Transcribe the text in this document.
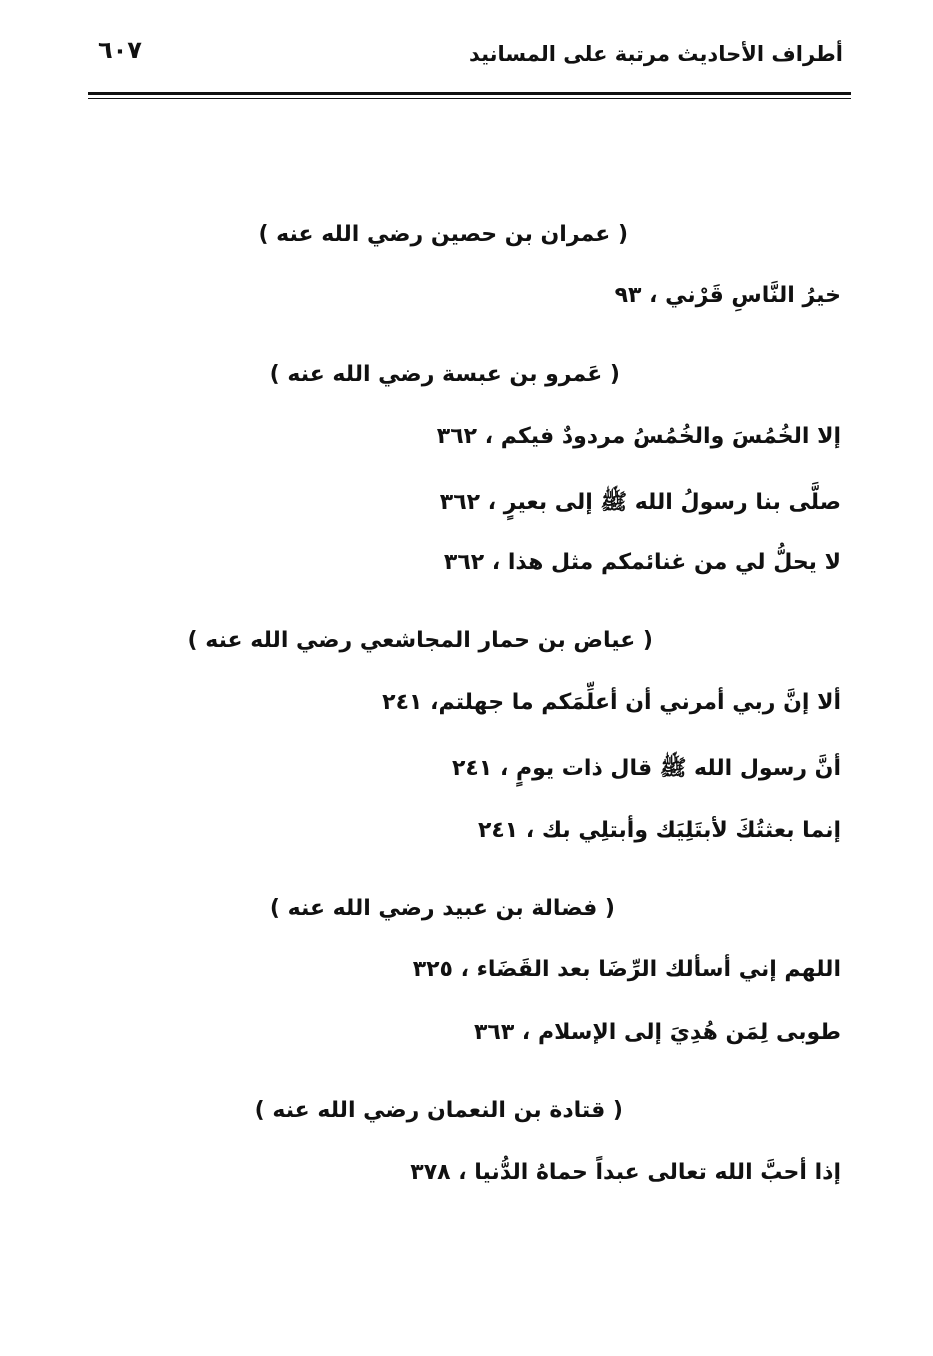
٦٠٧	أطراف الأحاديث مرتبة على المسانيد
( عمران بن حصين رضي الله عنه )
خيرُ النَّاسِ قَرْني ، ٩٣
( عَمرو بن عبسة رضي الله عنه )
إلا الخُمُسَ والخُمُسُ مردودٌ فيكم ، ٣٦٢
صلَّى بنا رسولُ الله ﷺ إلى بعيرٍ ، ٣٦٢
لا يحلُّ لي من غنائمكم مثل هذا ، ٣٦٢
( عياض بن حمار المجاشعي رضي الله عنه )
ألا إنَّ ربي أمرني أن أعلِّمَكم ما جهلتم، ٢٤١
أنَّ رسول الله ﷺ قال ذات يومٍ ، ٢٤١
إنما بعثتُكَ لأبتَلِيَك وأبتلِي بك ، ٢٤١
( فضالة بن عبيد رضي الله عنه )
اللهم إني أسألك الرِّضَا بعد القَضَاء ، ٣٢٥
طوبى لِمَن هُدِيَ إلى الإسلام ، ٣٦٣
( قتادة بن النعمان رضي الله عنه )
إذا أحبَّ الله تعالى عبداً حماهُ الدُّنيا ، ٣٧٨
